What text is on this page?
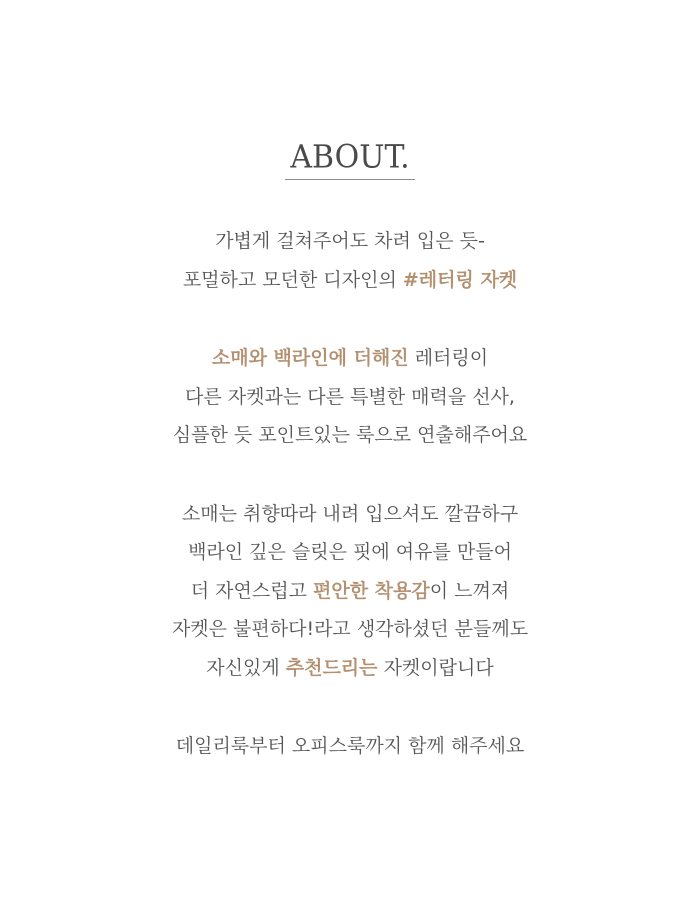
ABOUT.
가볍게 걸쳐주어도 차려 입은 듯-
포멀하고 모던한 디자인의 #레터링 자켓
소매와 백라인에 더해진 레터링이
다른 자켓과는 다른 특별한 매력을 선사,
심플한 듯 포인트있는 룩으로 연출해주어요
소매는 취향따라 내려 입으셔도 깔끔하구
백라인 깊은 슬릿은 핏에 여유를 만들어
더 자연스럽고 편안한 착용감이 느껴져
자켓은 불편하다!라고 생각하셨던 분들께도
자신있게 추천드리는 자켓이랍니다
데일리룩부터 오피스룩까지 함께 해주세요
